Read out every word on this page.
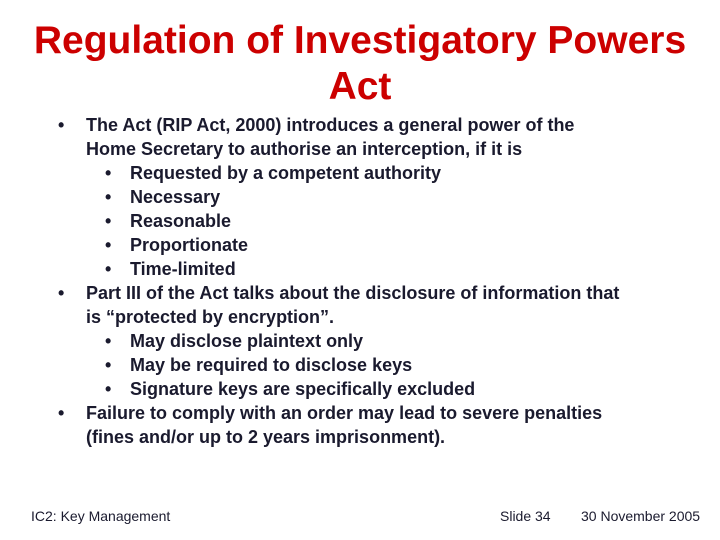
Regulation of Investigatory Powers
Act
• The Act (RIP Act, 2000) introduces a general power of the
Home Secretary to authorise an interception, if it is
• Requested by a competent authority
• Necessary
• Reasonable
• Proportionate
• Time-limited
• Part III of the Act talks about the disclosure of information that
is “protected by encryption”.
• May disclose plaintext only
• May be required to disclose keys
• Signature keys are specifically excluded
• Failure to comply with an order may lead to severe penalties
(fines and/or up to 2 years imprisonment).
IC2: Key Management	Slide 34 30 November 2005
